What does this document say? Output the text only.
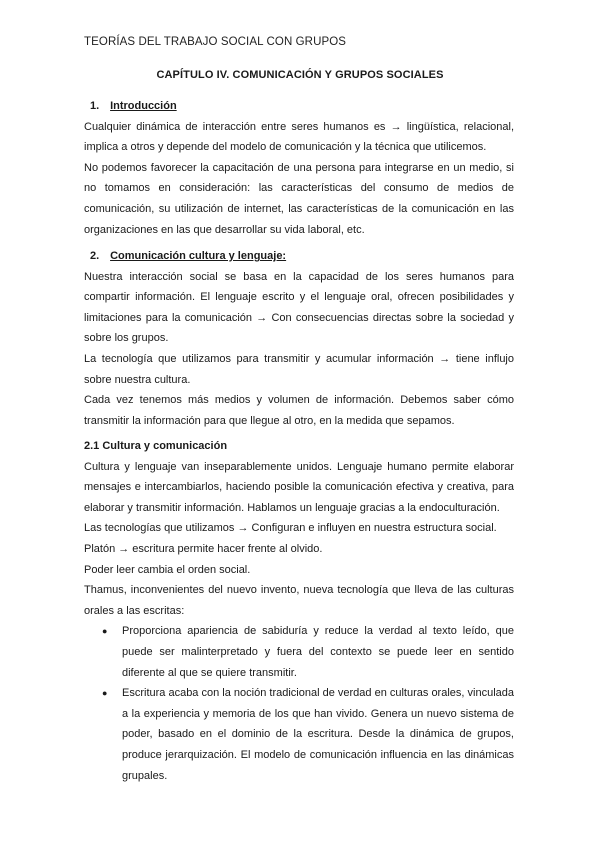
TEORÍAS DEL TRABAJO SOCIAL CON GRUPOS
CAPÍTULO IV. COMUNICACIÓN Y GRUPOS SOCIALES
1. Introducción

Cualquier dinámica de interacción entre seres humanos es → lingüística, relacional, implica a otros y depende del modelo de comunicación y la técnica que utilicemos.

No podemos favorecer la capacitación de una persona para integrarse en un medio, si no tomamos en consideración: las características del consumo de medios de comunicación, su utilización de internet, las características de la comunicación en las organizaciones en las que desarrollar su vida laboral, etc.

2. Comunicación cultura y lenguaje:

Nuestra interacción social se basa en la capacidad de los seres humanos para compartir información. El lenguaje escrito y el lenguaje oral, ofrecen posibilidades y limitaciones para la comunicación → Con consecuencias directas sobre la sociedad y sobre los grupos.

La tecnología que utilizamos para transmitir y acumular información → tiene influjo sobre nuestra cultura.

Cada vez tenemos más medios y volumen de información. Debemos saber cómo transmitir la información para que llegue al otro, en la medida que sepamos.

2.1 Cultura y comunicación

Cultura y lenguaje van inseparablemente unidos. Lenguaje humano permite elaborar mensajes e intercambiarlos, haciendo posible la comunicación efectiva y creativa, para elaborar y transmitir información. Hablamos un lenguaje gracias a la endoculturación.

Las tecnologías que utilizamos → Configuran e influyen en nuestra estructura social.

Platón → escritura permite hacer frente al olvido.

Poder leer cambia el orden social.

Thamus, inconvenientes del nuevo invento, nueva tecnología que lleva de las culturas orales a las escritas:

● Proporciona apariencia de sabiduría y reduce la verdad al texto leído, que puede ser malinterpretado y fuera del contexto se puede leer en sentido diferente al que se quiere transmitir.
● Escritura acaba con la noción tradicional de verdad en culturas orales, vinculada a la experiencia y memoria de los que han vivido. Genera un nuevo sistema de poder, basado en el dominio de la escritura. Desde la dinámica de grupos, produce jerarquización. El modelo de comunicación influencia en las dinámicas grupales.
